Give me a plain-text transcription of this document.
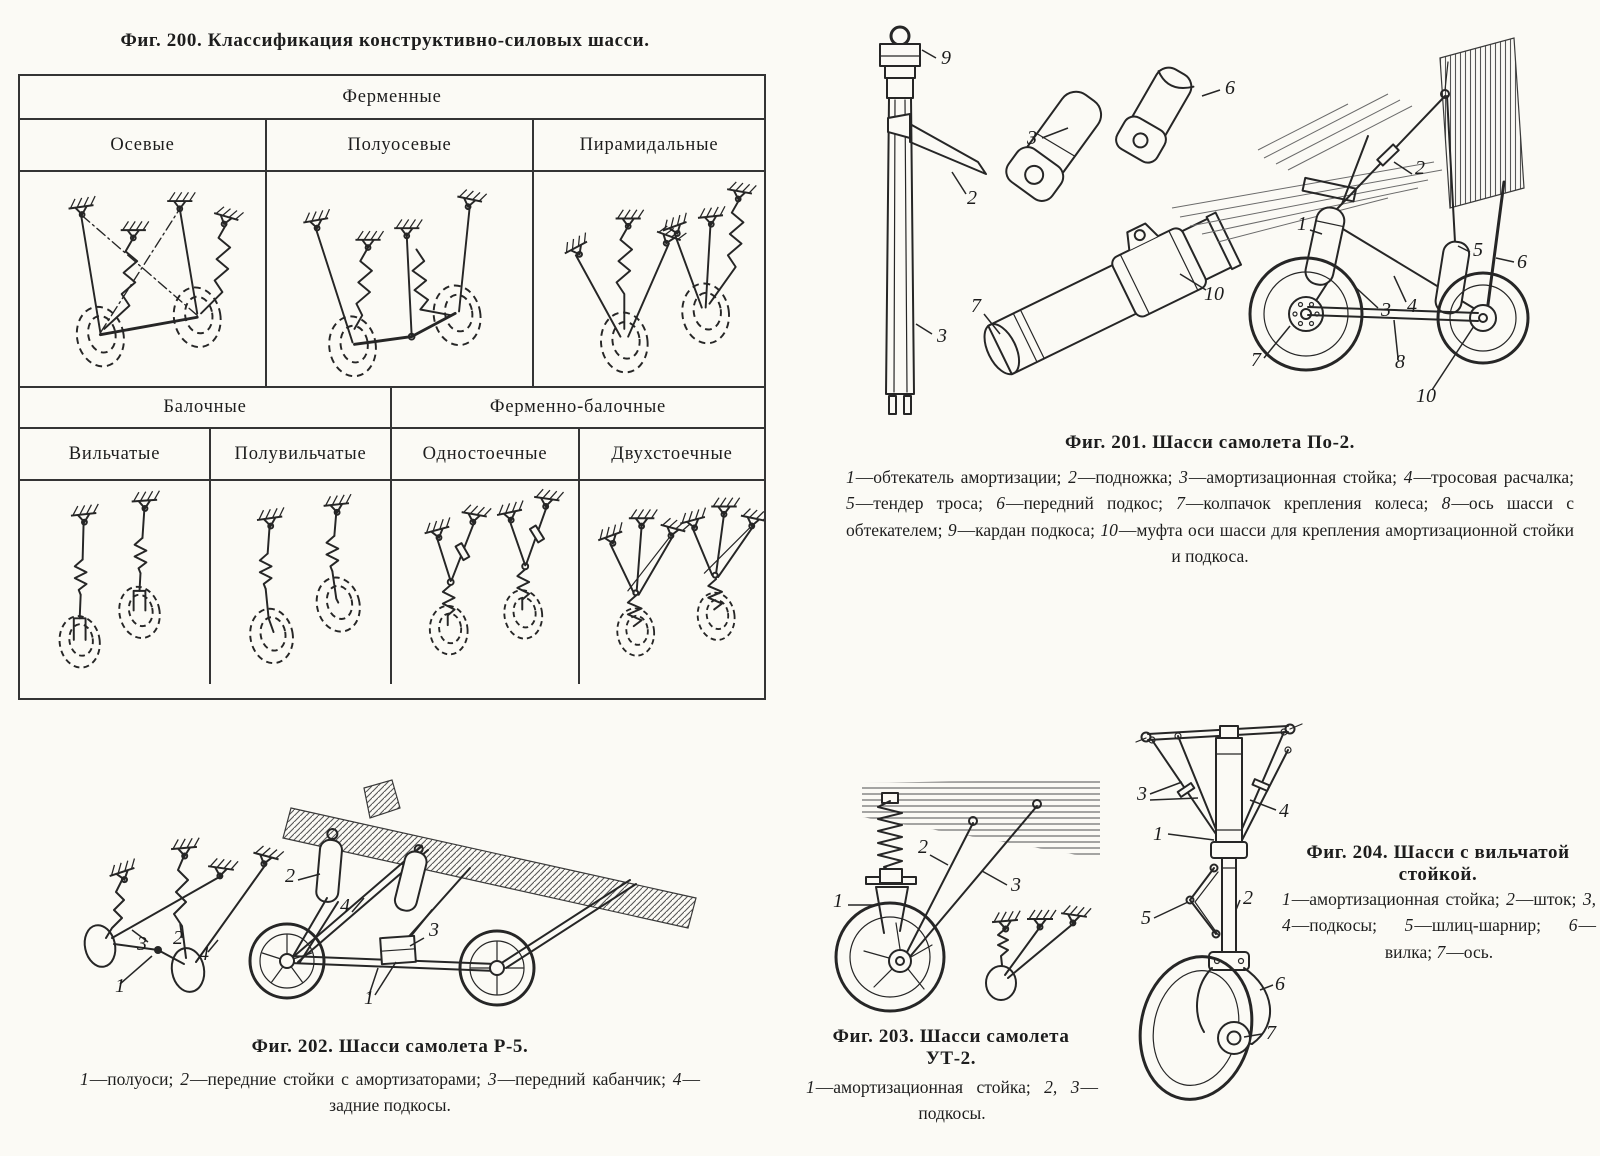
Фиг. 200. Классификация конструктивно-силовых шасси.
Ферменные
Осевые	Полуосевые	Пирамидальные
Балочные	Ферменно-балочные
Вильчатые	Полувильчатые	Одностоечные	Двухстоечные
9
2
3
3
6
7
10
1
2
3 4
5
6
7	8
10
Фиг. 201. Шасси самолета По-2.
1—обтекатель амортизации; 2—подножка; 3—амортизационная стойка; 4—тросовая расчалка; 5—тендер троса; 6—передний подкос; 7—колпачок крепления колеса; 8—ось шасси с обтекателем; 9—кардан подкоса; 10—муфта оси шасси для крепления амортизационной стойки и подкоса.
1
2
3	4
2
4
3
1
Фиг. 202. Шасси самолета Р-5.
1—полуоси; 2—передние стойки с амортизаторами; 3—передний кабанчик; 4—задние подкосы.
1
2
3
Фиг. 203. Шасси самолета УТ-2.
1—амортизационная стойка; 2, 3—подкосы.
3
4
1
2
5
6
7
Фиг. 204. Шасси с вильчатой стойкой.
1—амортизационная стойка; 2—шток; 3, 4—подкосы; 5—шлиц-шарнир; 6—вилка; 7—ось.
